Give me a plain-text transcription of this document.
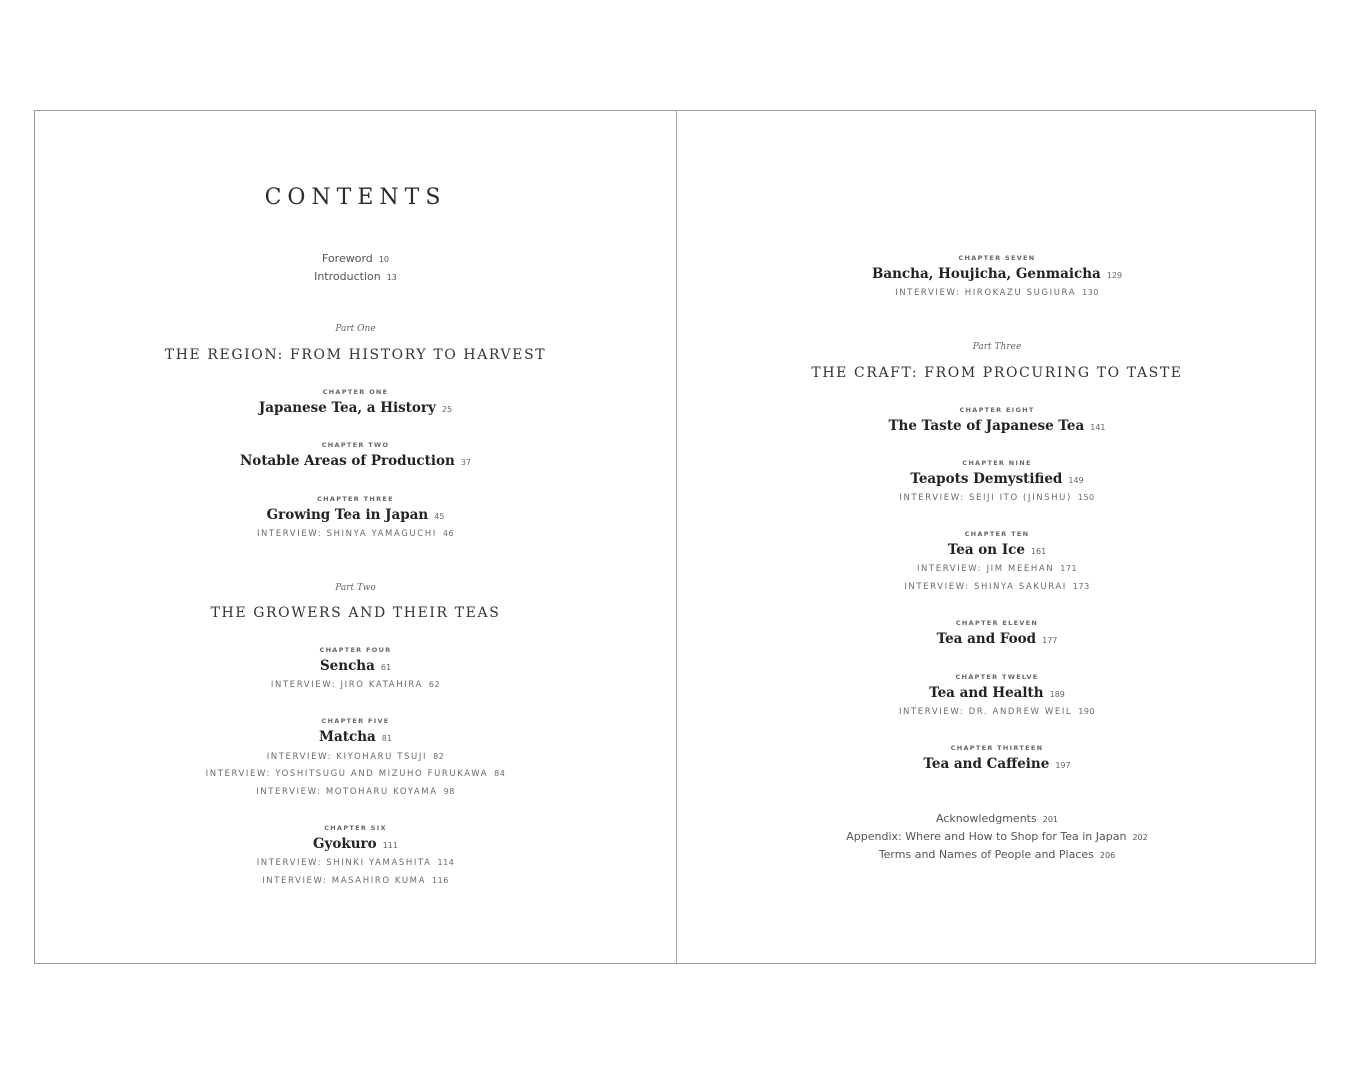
CONTENTS
Foreword 10
Introduction 13
Part One
THE REGION: FROM HISTORY TO HARVEST
CHAPTER ONE
Japanese Tea, a History 25
CHAPTER TWO
Notable Areas of Production 37
CHAPTER THREE
Growing Tea in Japan 45
INTERVIEW: SHINYA YAMAGUCHI 46
Part Two
THE GROWERS AND THEIR TEAS
CHAPTER FOUR
Sencha 61
INTERVIEW: JIRO KATAHIRA 62
CHAPTER FIVE
Matcha 81
INTERVIEW: KIYOHARU TSUJI 82
INTERVIEW: YOSHITSUGU AND MIZUHO FURUKAWA 84
INTERVIEW: MOTOHARU KOYAMA 98
CHAPTER SIX
Gyokuro 111
INTERVIEW: SHINKI YAMASHITA 114
INTERVIEW: MASAHIRO KUMA 116
CHAPTER SEVEN
Bancha, Houjicha, Genmaicha 129
INTERVIEW: HIROKAZU SUGIURA 130
Part Three
THE CRAFT: FROM PROCURING TO TASTE
CHAPTER EIGHT
The Taste of Japanese Tea 141
CHAPTER NINE
Teapots Demystified 149
INTERVIEW: SEIJI ITO (JINSHU) 150
CHAPTER TEN
Tea on Ice 161
INTERVIEW: JIM MEEHAN 171
INTERVIEW: SHINYA SAKURAI 173
CHAPTER ELEVEN
Tea and Food 177
CHAPTER TWELVE
Tea and Health 189
INTERVIEW: DR. ANDREW WEIL 190
CHAPTER THIRTEEN
Tea and Caffeine 197
Acknowledgments 201
Appendix: Where and How to Shop for Tea in Japan 202
Terms and Names of People and Places 206
